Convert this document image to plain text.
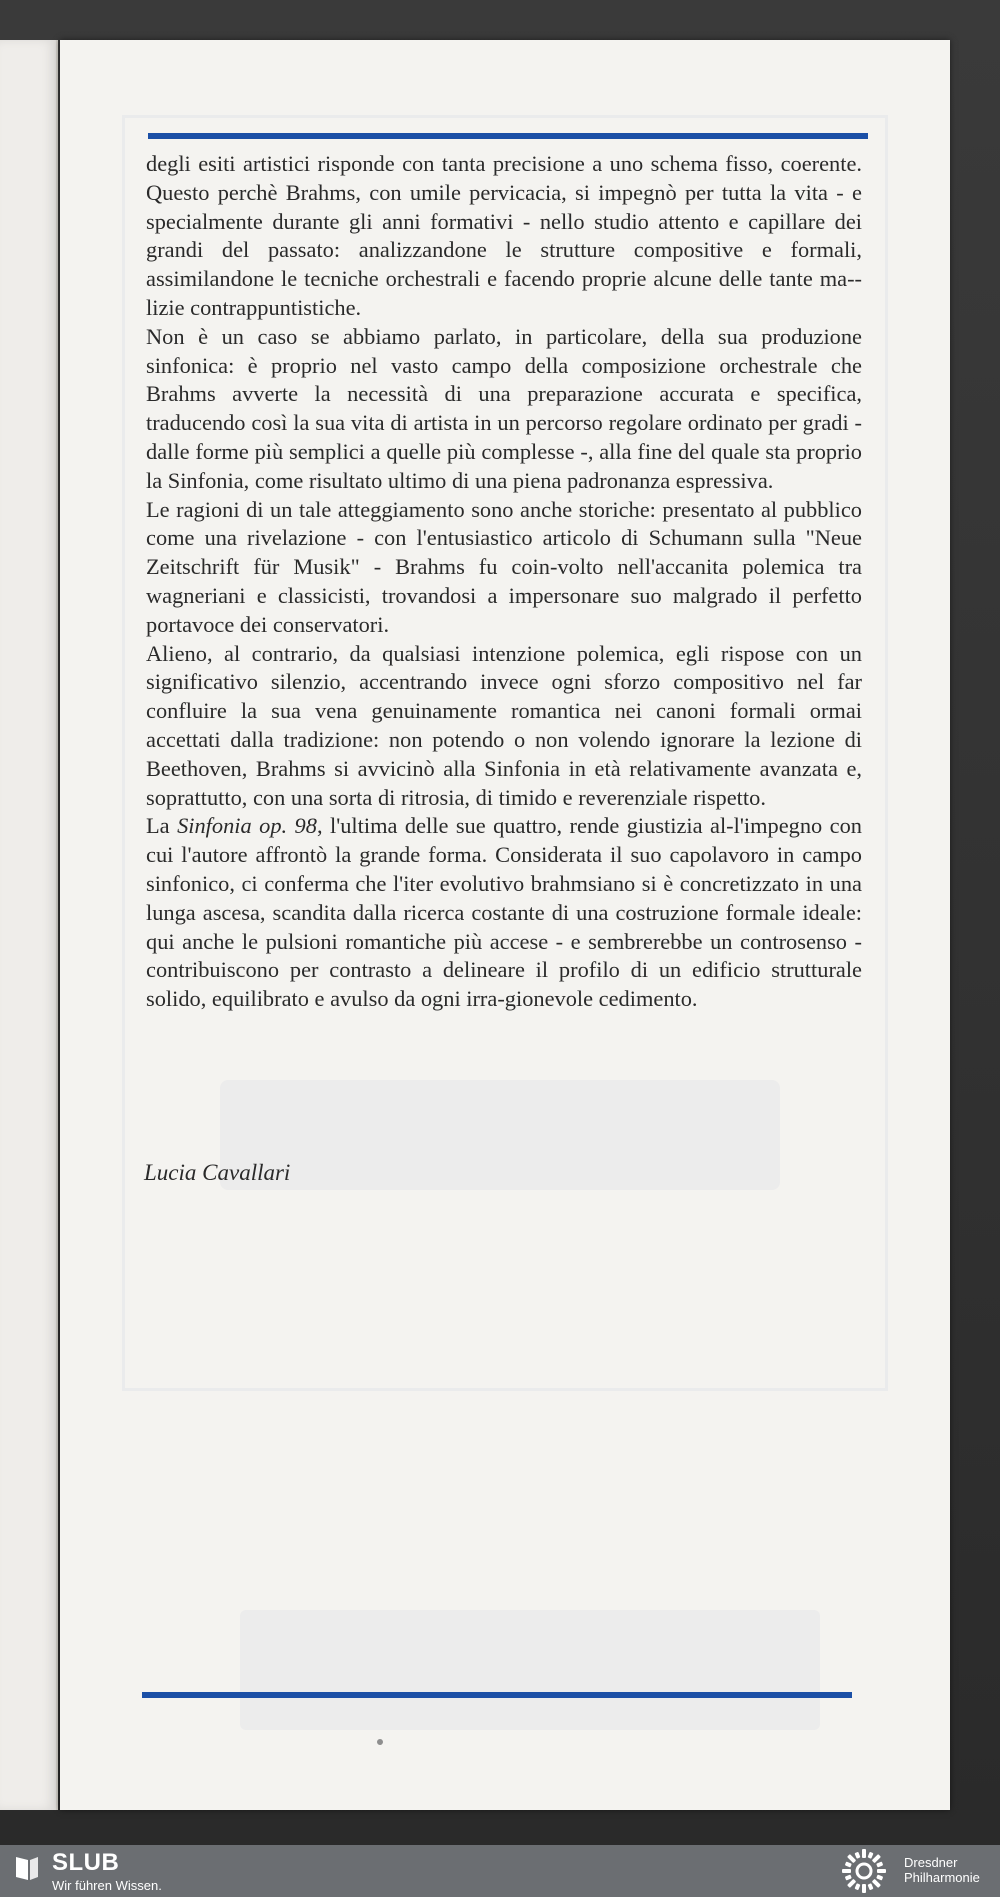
degli esiti artistici risponde con tanta precisione a uno schema fisso, coerente. Questo perchè Brahms, con umile pervicacia, si impegnò per tutta la vita - e specialmente durante gli anni formativi - nello studio attento e capillare dei grandi del passato: analizzandone le strutture compositive e formali, assimilandone le tecniche orchestrali e facendo proprie alcune delle tante ma-lizie contrappuntistiche.

Non è un caso se abbiamo parlato, in particolare, della sua produzione sinfonica: è proprio nel vasto campo della composizione orchestrale che Brahms avverte la necessità di una preparazione accurata e specifica, traducendo così la sua vita di artista in un percorso regolare ordinato per gradi - dalle forme più semplici a quelle più complesse -, alla fine del quale sta proprio la Sinfonia, come risultato ultimo di una piena padronanza espressiva.

Le ragioni di un tale atteggiamento sono anche storiche: presentato al pubblico come una rivelazione - con l'entusiastico articolo di Schumann sulla "Neue Zeitschrift für Musik" - Brahms fu coin-volto nell'accanita polemica tra wagneriani e classicisti, trovandosi a impersonare suo malgrado il perfetto portavoce dei conservatori.

Alieno, al contrario, da qualsiasi intenzione polemica, egli rispose con un significativo silenzio, accentrando invece ogni sforzo compositivo nel far confluire la sua vena genuinamente romantica nei canoni formali ormai accettati dalla tradizione: non potendo o non volendo ignorare la lezione di Beethoven, Brahms si avvicinò alla Sinfonia in età relativamente avanzata e, soprattutto, con una sorta di ritrosia, di timido e reverenziale rispetto.

La Sinfonia op. 98, l'ultima delle sue quattro, rende giustizia al-l'impegno con cui l'autore affrontò la grande forma. Considerata il suo capolavoro in campo sinfonico, ci conferma che l'iter evolutivo brahmsiano si è concretizzato in una lunga ascesa, scandita dalla ricerca costante di una costruzione formale ideale: qui anche le pulsioni romantiche più accese - e sembrerebbe un controsenso - contribuiscono per contrasto a delineare il profilo di un edificio strutturale solido, equilibrato e avulso da ogni irra-gionevole cedimento.

Lucia Cavallari
SLUB
Wir führen Wissen.
Dresdner
Philharmonie
